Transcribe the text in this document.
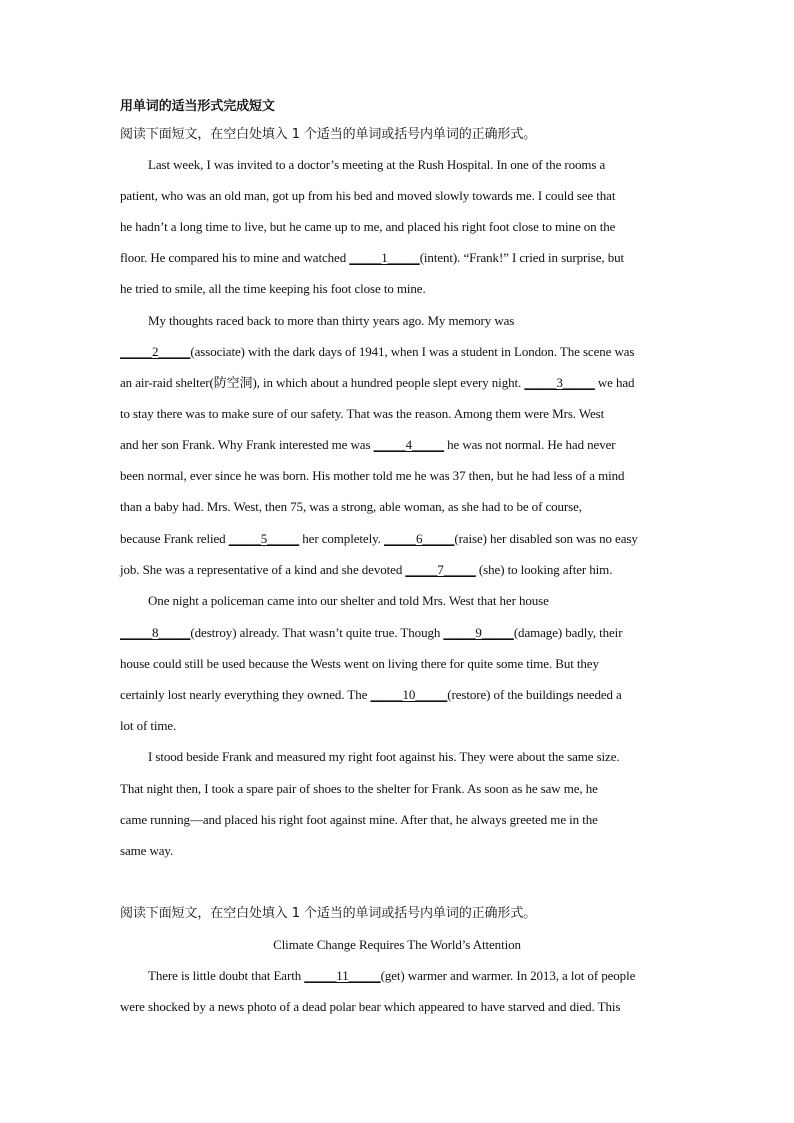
用单词的适当形式完成短文
阅读下面短文，在空白处填入 1 个适当的单词或括号内单词的正确形式。
Last week, I was invited to a doctor’s meeting at the Rush Hospital. In one of the rooms a
patient, who was an old man, got up from his bed and moved slowly towards me. I could see that
he hadn’t a long time to live, but he came up to me, and placed his right foot close to mine on the
floor. He compared his to mine and watched _____1_____(intent). “Frank!” I cried in surprise, but
he tried to smile, all the time keeping his foot close to mine.
My thoughts raced back to more than thirty years ago. My memory was
_____2_____(associate) with the dark days of 1941, when I was a student in London. The scene was
an air-raid shelter(防空洞), in which about a hundred people slept every night. _____3_____ we had
to stay there was to make sure of our safety. That was the reason. Among them were Mrs. West
and her son Frank. Why Frank interested me was _____4_____ he was not normal. He had never
been normal, ever since he was born. His mother told me he was 37 then, but he had less of a mind
than a baby had. Mrs. West, then 75, was a strong, able woman, as she had to be of course,
because Frank relied _____5_____ her completely. _____6_____(raise) her disabled son was no easy
job. She was a representative of a kind and she devoted _____7_____ (she) to looking after him.
One night a policeman came into our shelter and told Mrs. West that her house
_____8_____(destroy) already. That wasn’t quite true. Though _____9_____(damage) badly, their
house could still be used because the Wests went on living there for quite some time. But they
certainly lost nearly everything they owned. The _____10_____(restore) of the buildings needed a
lot of time.
I stood beside Frank and measured my right foot against his. They were about the same size.
That night then, I took a spare pair of shoes to the shelter for Frank. As soon as he saw me, he
came running—and placed his right foot against mine. After that, he always greeted me in the
same way.
阅读下面短文，在空白处填入 1 个适当的单词或括号内单词的正确形式。
Climate Change Requires The World’s Attention
There is little doubt that Earth _____11_____(get) warmer and warmer. In 2013, a lot of people
were shocked by a news photo of a dead polar bear which appeared to have starved and died. This
